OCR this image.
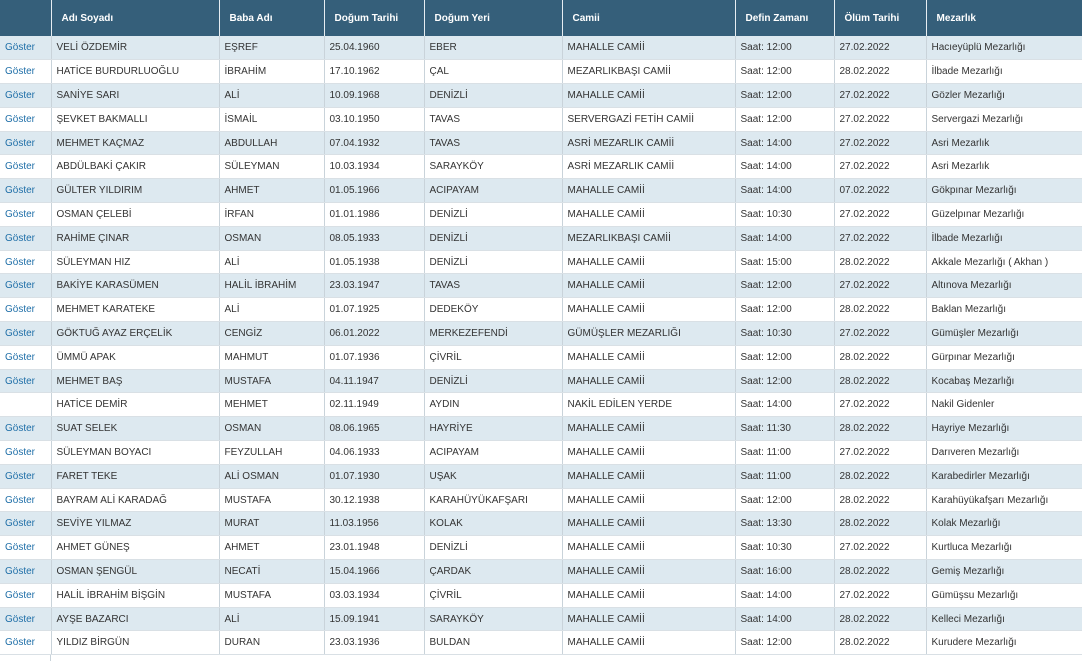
	Adı Soyadı	Baba Adı	Doğum Tarihi	Doğum Yeri	Camii	Defin Zamanı	Ölüm Tarihi	Mezarlık
Göster	VELİ ÖZDEMİR	EŞREF	25.04.1960	EBER	MAHALLE CAMİİ	Saat: 12:00	27.02.2022	Hacıeyüplü Mezarlığı
Göster	HATİCE BURDURLUOĞLU	İBRAHİM	17.10.1962	ÇAL	MEZARLIKBAŞI CAMİİ	Saat: 12:00	28.02.2022	İlbade Mezarlığı
Göster	SANİYE SARI	ALİ	10.09.1968	DENİZLİ	MAHALLE CAMİİ	Saat: 12:00	27.02.2022	Gözler Mezarlığı
Göster	ŞEVKET BAKMALLI	İSMAİL	03.10.1950	TAVAS	SERVERGAZİ FETİH CAMİİ	Saat: 12:00	27.02.2022	Servergazi Mezarlığı
Göster	MEHMET KAÇMAZ	ABDULLAH	07.04.1932	TAVAS	ASRİ MEZARLIK CAMİİ	Saat: 14:00	27.02.2022	Asri Mezarlık
Göster	ABDÜLBAKİ ÇAKIR	SÜLEYMAN	10.03.1934	SARAYKÖY	ASRİ MEZARLIK CAMİİ	Saat: 14:00	27.02.2022	Asri Mezarlık
Göster	GÜLTER YILDIRIM	AHMET	01.05.1966	ACIPAYAM	MAHALLE CAMİİ	Saat: 14:00	07.02.2022	Gökpınar Mezarlığı
Göster	OSMAN ÇELEBİ	İRFAN	01.01.1986	DENİZLİ	MAHALLE CAMİİ	Saat: 10:30	27.02.2022	Güzelpınar Mezarlığı
Göster	RAHİME ÇINAR	OSMAN	08.05.1933	DENİZLİ	MEZARLIKBAŞI CAMİİ	Saat: 14:00	27.02.2022	İlbade Mezarlığı
Göster	SÜLEYMAN HIZ	ALİ	01.05.1938	DENİZLİ	MAHALLE CAMİİ	Saat: 15:00	28.02.2022	Akkale Mezarlığı ( Akhan )
Göster	BAKİYE KARASÜMEN	HALİL İBRAHİM	23.03.1947	TAVAS	MAHALLE CAMİİ	Saat: 12:00	27.02.2022	Altınova Mezarlığı
Göster	MEHMET KARATEKE	ALİ	01.07.1925	DEDEKÖY	MAHALLE CAMİİ	Saat: 12:00	28.02.2022	Baklan Mezarlığı
Göster	GÖKTUĞ AYAZ ERÇELİK	CENGİZ	06.01.2022	MERKEZEFENDİ	GÜMÜŞLER MEZARLIĞI	Saat: 10:30	27.02.2022	Gümüşler Mezarlığı
Göster	ÜMMÜ APAK	MAHMUT	01.07.1936	ÇİVRİL	MAHALLE CAMİİ	Saat: 12:00	28.02.2022	Gürpınar Mezarlığı
Göster	MEHMET BAŞ	MUSTAFA	04.11.1947	DENİZLİ	MAHALLE CAMİİ	Saat: 12:00	28.02.2022	Kocabaş Mezarlığı
	HATİCE DEMİR	MEHMET	02.11.1949	AYDIN	NAKİL EDİLEN YERDE	Saat: 14:00	27.02.2022	Nakil Gidenler
Göster	SUAT SELEK	OSMAN	08.06.1965	HAYRİYE	MAHALLE CAMİİ	Saat: 11:30	28.02.2022	Hayriye Mezarlığı
Göster	SÜLEYMAN BOYACI	FEYZULLAH	04.06.1933	ACIPAYAM	MAHALLE CAMİİ	Saat: 11:00	27.02.2022	Darıveren Mezarlığı
Göster	FARET TEKE	ALİ OSMAN	01.07.1930	UŞAK	MAHALLE CAMİİ	Saat: 11:00	28.02.2022	Karabedirler Mezarlığı
Göster	BAYRAM ALİ KARADAĞ	MUSTAFA	30.12.1938	KARAHÜYÜKAFŞARI	MAHALLE CAMİİ	Saat: 12:00	28.02.2022	Karahüyükafşarı Mezarlığı
Göster	SEVİYE YILMAZ	MURAT	11.03.1956	KOLAK	MAHALLE CAMİİ	Saat: 13:30	28.02.2022	Kolak Mezarlığı
Göster	AHMET GÜNEŞ	AHMET	23.01.1948	DENİZLİ	MAHALLE CAMİİ	Saat: 10:30	27.02.2022	Kurtluca Mezarlığı
Göster	OSMAN ŞENGÜL	NECATİ	15.04.1966	ÇARDAK	MAHALLE CAMİİ	Saat: 16:00	28.02.2022	Gemiş Mezarlığı
Göster	HALİL İBRAHİM BİŞGİN	MUSTAFA	03.03.1934	ÇİVRİL	MAHALLE CAMİİ	Saat: 14:00	27.02.2022	Gümüşsu Mezarlığı
Göster	AYŞE BAZARCI	ALİ	15.09.1941	SARAYKÖY	MAHALLE CAMİİ	Saat: 14:00	28.02.2022	Kelleci Mezarlığı
Göster	YILDIZ BİRGÜN	DURAN	23.03.1936	BULDAN	MAHALLE CAMİİ	Saat: 12:00	28.02.2022	Kurudere Mezarlığı
